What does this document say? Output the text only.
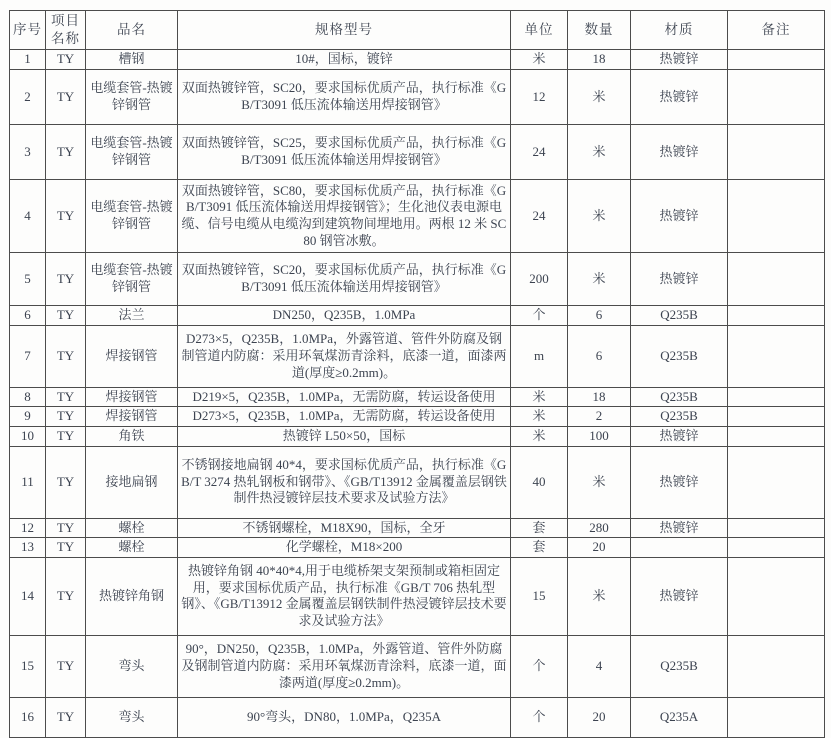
序号	项目名称	品名	规格型号	单位	数量	材质	备注
1	TY	槽钢	10#，国标，镀锌	米	18	热镀锌	
2	TY	电缆套管-热镀锌钢管	双面热镀锌管，SC20，要求国标优质产品，执行标准《GB/T3091 低压流体输送用焊接钢管》	12	米	热镀锌	
3	TY	电缆套管-热镀锌钢管	双面热镀锌管，SC25，要求国标优质产品，执行标准《GB/T3091 低压流体输送用焊接钢管》	24	米	热镀锌	
4	TY	电缆套管-热镀锌钢管	双面热镀锌管，SC80，要求国标优质产品，执行标准《GB/T3091 低压流体输送用焊接钢管》；生化池仪表电源电缆、信号电缆从电缆沟到建筑物间埋地用。两根 12 米 SC80 钢管冰敷。	24	米	热镀锌	
5	TY	电缆套管-热镀锌钢管	双面热镀锌管，SC20，要求国标优质产品，执行标准《GB/T3091 低压流体输送用焊接钢管》	200	米	热镀锌	
6	TY	法兰	DN250，Q235B，1.0MPa	个	6	Q235B	
7	TY	焊接钢管	D273×5，Q235B，1.0MPa，外露管道、管件外防腐及钢制管道内防腐：采用环氧煤沥青涂料，底漆一道，面漆两道(厚度≥0.2mm)。	m	6	Q235B	
8	TY	焊接钢管	D219×5，Q235B，1.0MPa，无需防腐，转运设备使用	米	18	Q235B	
9	TY	焊接钢管	D273×5，Q235B，1.0MPa，无需防腐，转运设备使用	米	2	Q235B	
10	TY	角铁	热镀锌 L50×50，国标	米	100	热镀锌	
11	TY	接地扁钢	不锈钢接地扁钢 40*4，要求国标优质产品，执行标准《GB/T 3274 热轧钢板和钢带》、《GB/T13912 金属覆盖层钢铁制件热浸镀锌层技术要求及试验方法》	40	米	热镀锌	
12	TY	螺栓	不锈钢螺栓，M18X90，国标，全牙	套	280	热镀锌	
13	TY	螺栓	化学螺栓，M18×200	套	20		
14	TY	热镀锌角钢	热镀锌角钢 40*40*4,用于电缆桥架支架预制或箱柜固定用，要求国标优质产品，执行标准《GB/T 706 热轧型钢》、《GB/T13912 金属覆盖层钢铁制件热浸镀锌层技术要求及试验方法》	15	米	热镀锌	
15	TY	弯头	90°，DN250，Q235B，1.0MPa，外露管道、管件外防腐及钢制管道内防腐：采用环氧煤沥青涂料，底漆一道，面漆两道(厚度≥0.2mm)。	个	4	Q235B	
16	TY	弯头	90°弯头，DN80，1.0MPa，Q235A	个	20	Q235A	
